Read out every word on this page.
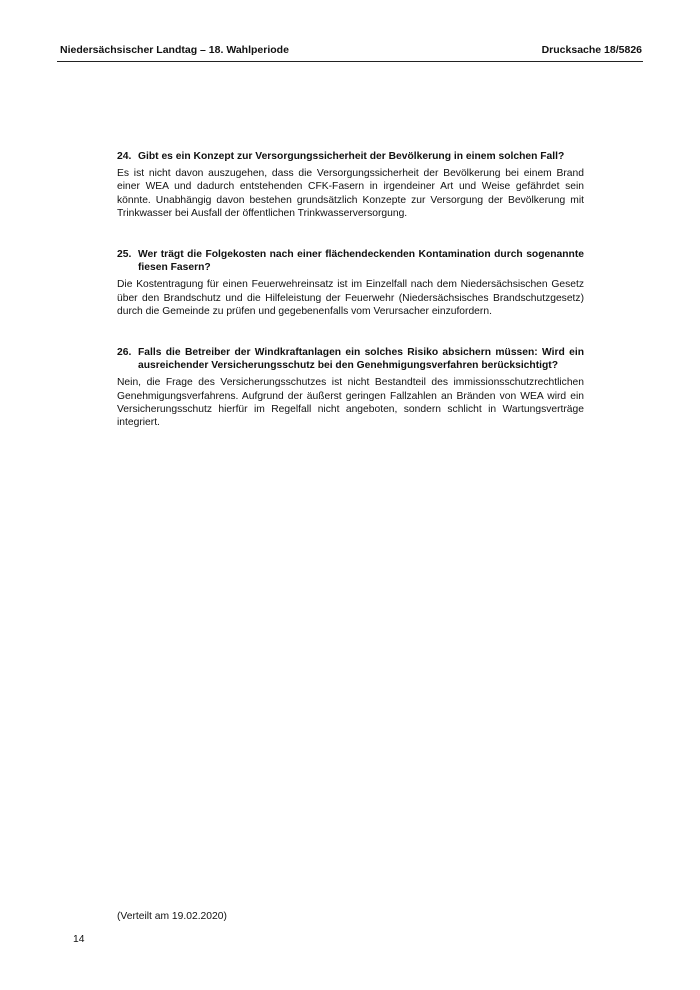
Niedersächsischer Landtag – 18. Wahlperiode	Drucksache 18/5826

24. Gibt es ein Konzept zur Versorgungssicherheit der Bevölkerung in einem solchen Fall?

Es ist nicht davon auszugehen, dass die Versorgungssicherheit der Bevölkerung bei einem Brand einer WEA und dadurch entstehenden CFK-Fasern in irgendeiner Art und Weise gefährdet sein könnte. Unabhängig davon bestehen grundsätzlich Konzepte zur Versorgung der Bevölkerung mit Trinkwasser bei Ausfall der öffentlichen Trinkwasserversorgung.

25. Wer trägt die Folgekosten nach einer flächendeckenden Kontamination durch sogenannte fiesen Fasern?

Die Kostentragung für einen Feuerwehreinsatz ist im Einzelfall nach dem Niedersächsischen Gesetz über den Brandschutz und die Hilfeleistung der Feuerwehr (Niedersächsisches Brandschutzgesetz) durch die Gemeinde zu prüfen und gegebenenfalls vom Verursacher einzufordern.

26. Falls die Betreiber der Windkraftanlagen ein solches Risiko absichern müssen: Wird ein ausreichender Versicherungsschutz bei den Genehmigungsverfahren berücksichtigt?

Nein, die Frage des Versicherungsschutzes ist nicht Bestandteil des immissionsschutzrechtlichen Genehmigungsverfahrens. Aufgrund der äußerst geringen Fallzahlen an Bränden von WEA wird ein Versicherungsschutz hierfür im Regelfall nicht angeboten, sondern schlicht in Wartungsverträge integriert.

(Verteilt am 19.02.2020)
14
